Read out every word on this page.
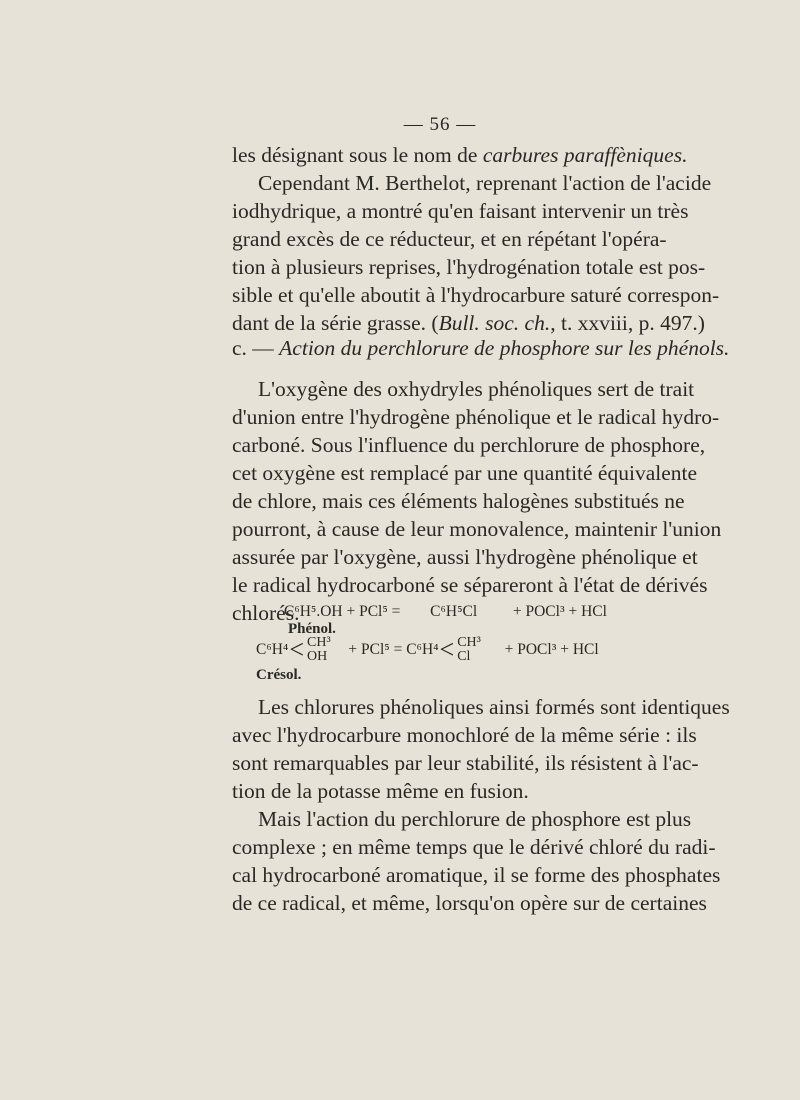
— 56 —
les désignant sous le nom de carbures paraffèniques.
Cependant M. Berthelot, reprenant l'action de l'acide
iodhydrique, a montré qu'en faisant intervenir un très
grand excès de ce réducteur, et en répétant l'opéra-
tion à plusieurs reprises, l'hydrogénation totale est pos-
sible et qu'elle aboutit à l'hydrocarbure saturé correspon-
dant de la série grasse. (Bull. soc. ch., t. xxviii, p. 497.)
c. — Action du perchlorure de phosphore sur les phénols.
L'oxygène des oxhydryles phénoliques sert de trait
d'union entre l'hydrogène phénolique et le radical hydro-
carboné. Sous l'influence du perchlorure de phosphore,
cet oxygène est remplacé par une quantité équivalente
de chlore, mais ces éléments halogènes substitués ne
pourront, à cause de leur monovalence, maintenir l'union
assurée par l'oxygène, aussi l'hydrogène phénolique et
le radical hydrocarboné se sépareront à l'état de dérivés
chlorés.
C⁶H⁵.OH + PCl⁵ = C⁶H⁵Cl + POCl³ + HCl
Phénol.
C⁶H⁴< CH³
OH + PCl⁵ = C⁶H⁴< CH³
Cl	+ POCl³ + HCl
Crésol.
Les chlorures phénoliques ainsi formés sont identiques
avec l'hydrocarbure monochloré de la même série : ils
sont remarquables par leur stabilité, ils résistent à l'ac-
tion de la potasse même en fusion.
Mais l'action du perchlorure de phosphore est plus
complexe ; en même temps que le dérivé chloré du radi-
cal hydrocarboné aromatique, il se forme des phosphates
de ce radical, et même, lorsqu'on opère sur de certaines
